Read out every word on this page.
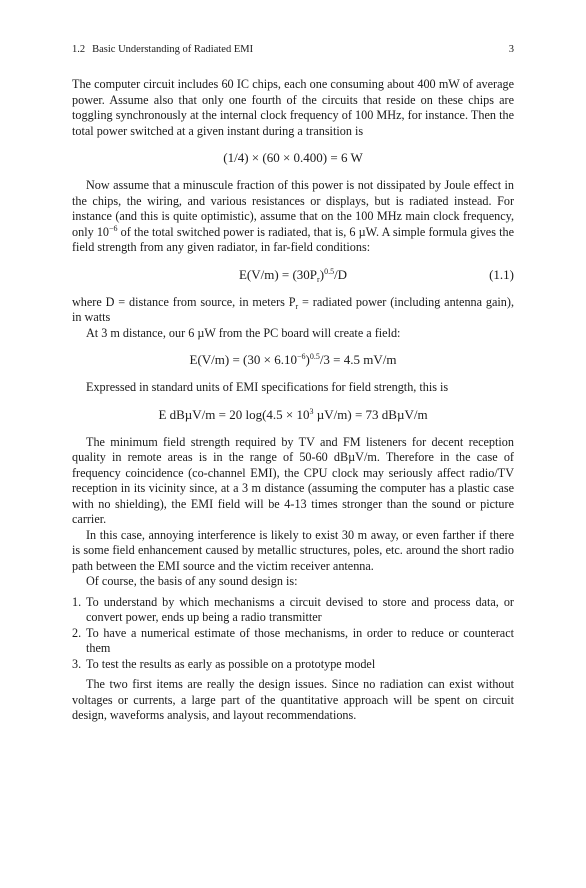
1.2 Basic Understanding of Radiated EMI	3

The computer circuit includes 60 IC chips, each one consuming about 400 mW of average power. Assume also that only one fourth of the circuits that reside on these chips are toggling synchronously at the internal clock frequency of 100 MHz, for instance. Then the total power switched at a given instant during a transition is

(1/4) × (60 × 0.400) = 6 W

Now assume that a minuscule fraction of this power is not dissipated by Joule effect in the chips, the wiring, and various resistances or displays, but is radiated instead. For instance (and this is quite optimistic), assume that on the 100 MHz main clock frequency, only $10^{-6}$ of the total switched power is radiated, that is, 6 µW. A simple formula gives the field strength from any given radiator, in far-field conditions:

$E(V/m) = (30P_r)^{0.5}/D$	(1.1)

where D = distance from source, in meters $P_r$ = radiated power (including antenna gain), in watts

At 3 m distance, our 6 µW from the PC board will create a field:

$E(V/m) = (30 \times 6.10^{-6})^{0.5}/3 = 4.5$ mV/m

Expressed in standard units of EMI specifications for field strength, this is

E dBµV/m = 20 $\log(4.5 \times 10^3$ µV/m) = 73 dBµV/m

The minimum field strength required by TV and FM listeners for decent reception quality in remote areas is in the range of 50-60 dBµV/m. Therefore in the case of frequency coincidence (co-channel EMI), the CPU clock may seriously affect radio/TV reception in its vicinity since, at a 3 m distance (assuming the computer has a plastic case with no shielding), the EMI field will be 4-13 times stronger than the sound or picture carrier.

In this case, annoying interference is likely to exist 30 m away, or even farther if there is some field enhancement caused by metallic structures, poles, etc. around the short radio path between the EMI source and the victim receiver antenna.

Of course, the basis of any sound design is:

1. To understand by which mechanisms a circuit devised to store and process data, or convert power, ends up being a radio transmitter
2. To have a numerical estimate of those mechanisms, in order to reduce or counteract them
3. To test the results as early as possible on a prototype model

The two first items are really the design issues. Since no radiation can exist without voltages or currents, a large part of the quantitative approach will be spent on circuit design, waveforms analysis, and layout recommendations.
